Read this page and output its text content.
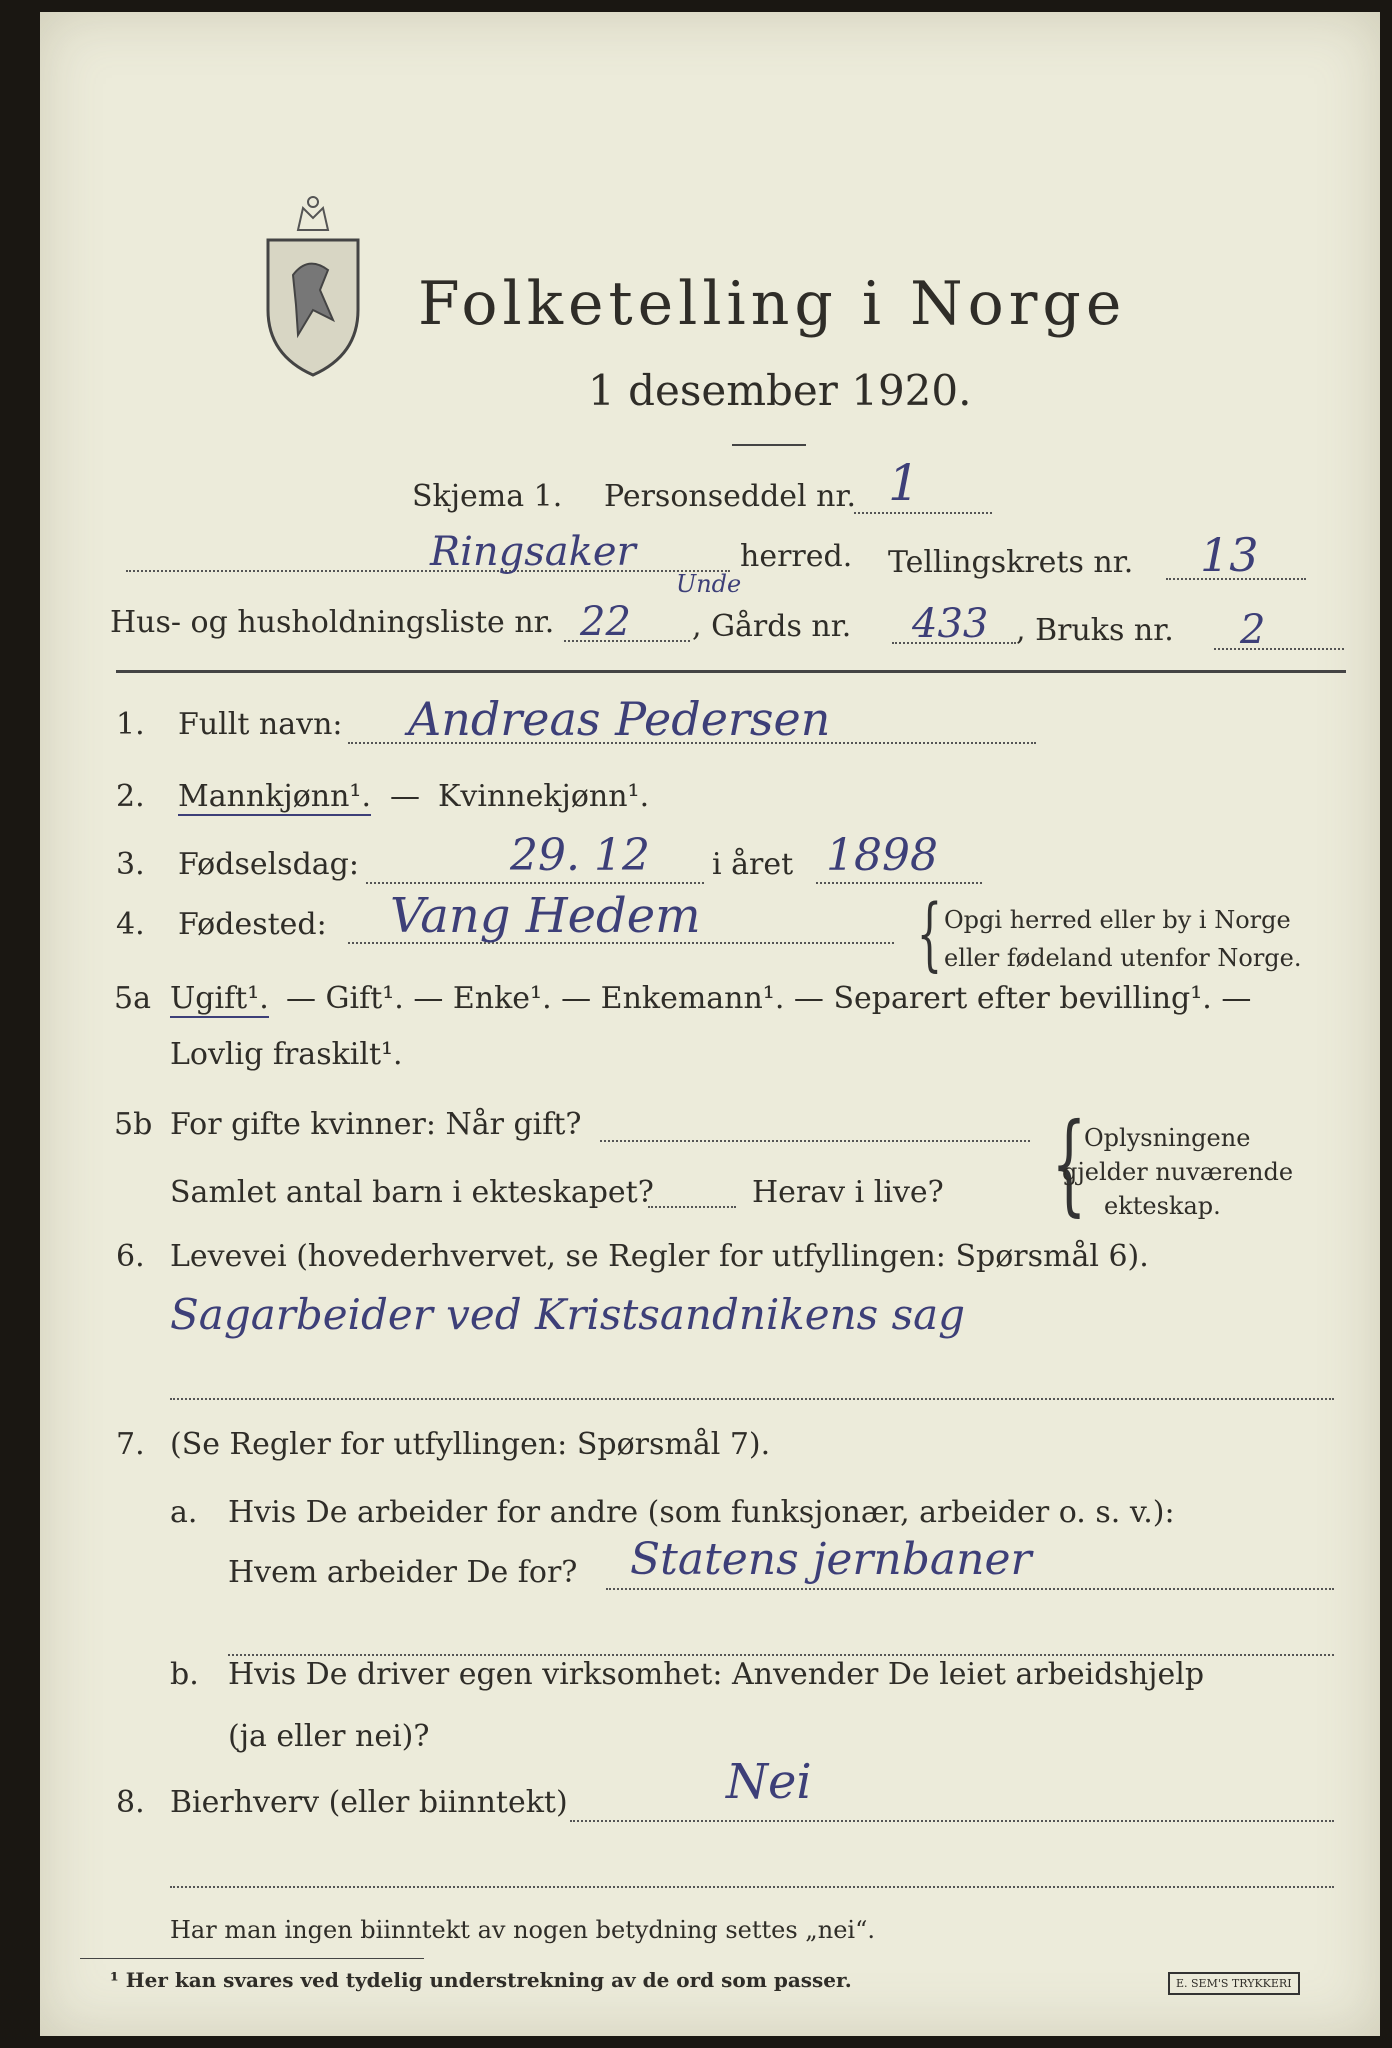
Folketelling i Norge
1 desember 1920.
Skjema 1. Personseddel nr. 1
Ringsaker	herred. Tellingskrets nr. 13
Hus- og husholdningsliste nr. 22
Unde
, Gårds nr. 433 , Bruks nr. 2
1. Fullt navn: Andreas Pedersen
2. Mannkjønn¹. — Kvinnekjønn¹.
3. Fødselsdag:	29. 12 i året 1898
4. Fødested: Vang Hedem	{ Opgi herred eller by i Norge
eller fødeland utenfor Norge.
5a Ugift¹. — Gift¹. — Enke¹. — Enkemann¹. — Separert efter bevilling¹. —
Lovlig fraskilt¹.
5b For gifte kvinner: Når gift?
Samlet antal barn i ekteskapet?	Herav i live? {
Oplysningene
gjelder nuværende
ekteskap.
6. Levevei (hovederhvervet, se Regler for utfyllingen: Spørsmål 6).
Sagarbeider ved Kristsandnikens sag
7. (Se Regler for utfyllingen: Spørsmål 7).
a. Hvis De arbeider for andre (som funksjonær, arbeider o. s. v.):
Hvem arbeider De for? Statens jernbaner
b. Hvis De driver egen virksomhet: Anvender De leiet arbeidshjelp
(ja eller nei)?
8. Bierhverv (eller biinntekt)	Nei
Har man ingen biinntekt av nogen betydning settes „nei“.
¹ Her kan svares ved tydelig understrekning av de ord som passer.	E. SEM'S TRYKKERI
